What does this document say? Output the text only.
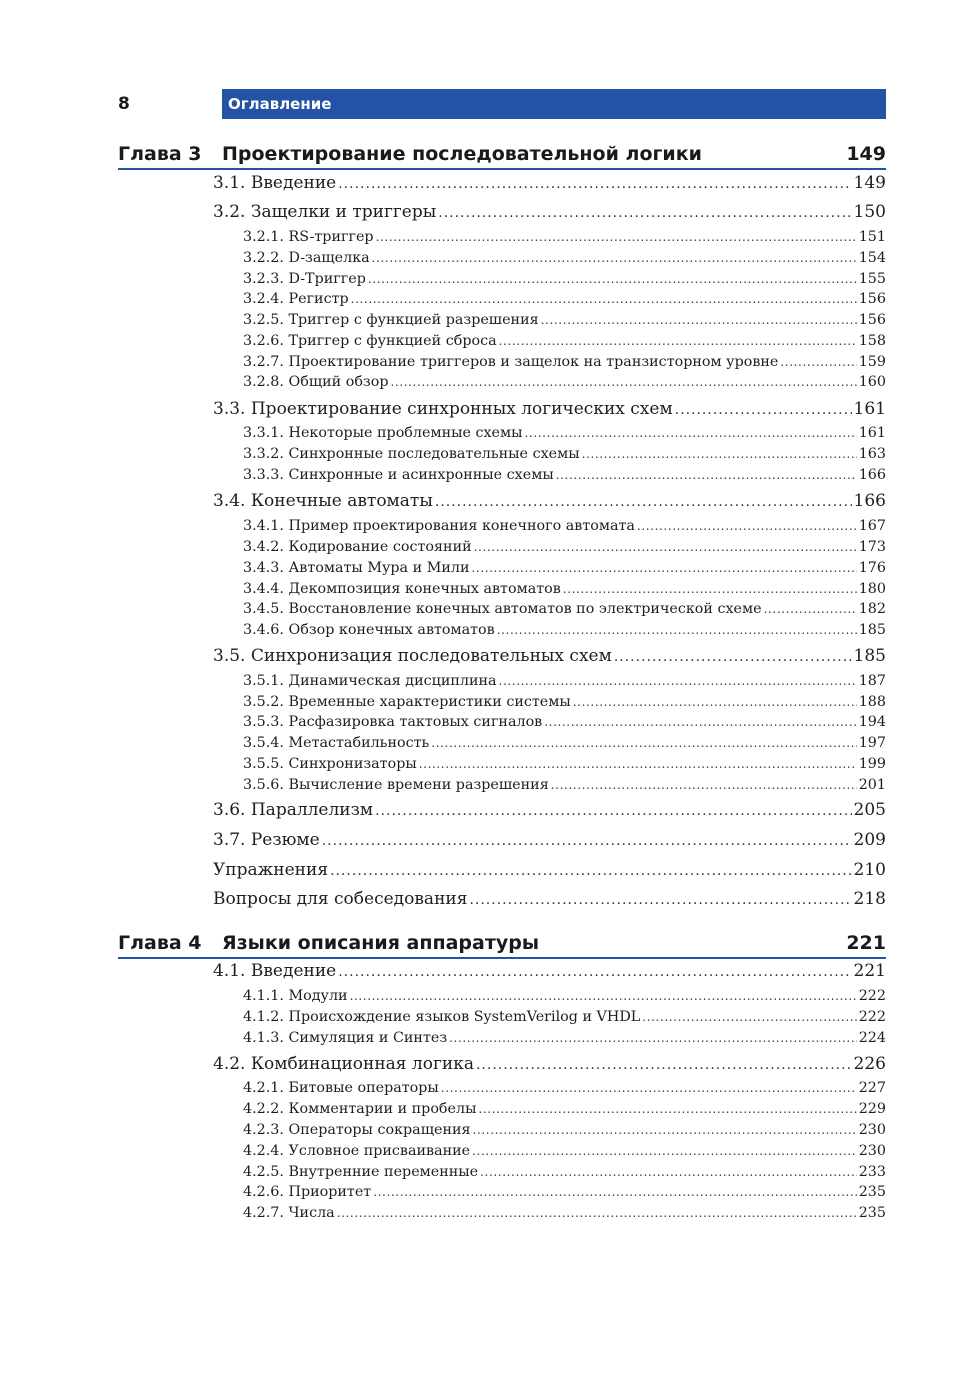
8	Оглавление
Глава 3 Проектирование последовательной логики	149
3.1. Введение .....	149
3.2. Защелки и триггеры .....	150
3.2.1. RS-триггер .....	151
3.2.2. D-защелка .....	154
3.2.3. D-Триггер .....	155
3.2.4. Регистр .....	156
3.2.5. Триггер с функцией разрешения .....	156
3.2.6. Триггер с функцией сброса .....	158
3.2.7. Проектирование триггеров и защелок на транзисторном уровне .....	159
3.2.8. Общий обзор .....	160
3.3. Проектирование синхронных логических схем .....	161
3.3.1. Некоторые проблемные схемы .....	161
3.3.2. Синхронные последовательные схемы .....	163
3.3.3. Синхронные и асинхронные схемы .....	166
3.4. Конечные автоматы .....	166
3.4.1. Пример проектирования конечного автомата .....	167
3.4.2. Кодирование состояний .....	173
3.4.3. Автоматы Мура и Мили .....	176
3.4.4. Декомпозиция конечных автоматов .....	180
3.4.5. Восстановление конечных автоматов по электрической схеме .....	182
3.4.6. Обзор конечных автоматов .....	185
3.5. Синхронизация последовательных схем .....	185
3.5.1. Динамическая дисциплина .....	187
3.5.2. Временные характеристики системы .....	188
3.5.3. Расфазировка тактовых сигналов .....	194
3.5.4. Метастабильность .....	197
3.5.5. Синхронизаторы .....	199
3.5.6. Вычисление времени разрешения .....	201
3.6. Параллелизм .....	205
3.7. Резюме .....	209
Упражнения .....	210
Вопросы для собеседования .....	218
Глава 4 Языки описания аппаратуры	221
4.1. Введение .....	221
4.1.1. Модули .....	222
4.1.2. Происхождение языков SystemVerilog и VHDL .....	222
4.1.3. Симуляция и Синтез .....	224
4.2. Комбинационная логика .....	226
4.2.1. Битовые операторы .....	227
4.2.2. Комментарии и пробелы .....	229
4.2.3. Операторы сокращения .....	230
4.2.4. Условное присваивание .....	230
4.2.5. Внутренние переменные .....	233
4.2.6. Приоритет .....	235
4.2.7. Числа .....	235
